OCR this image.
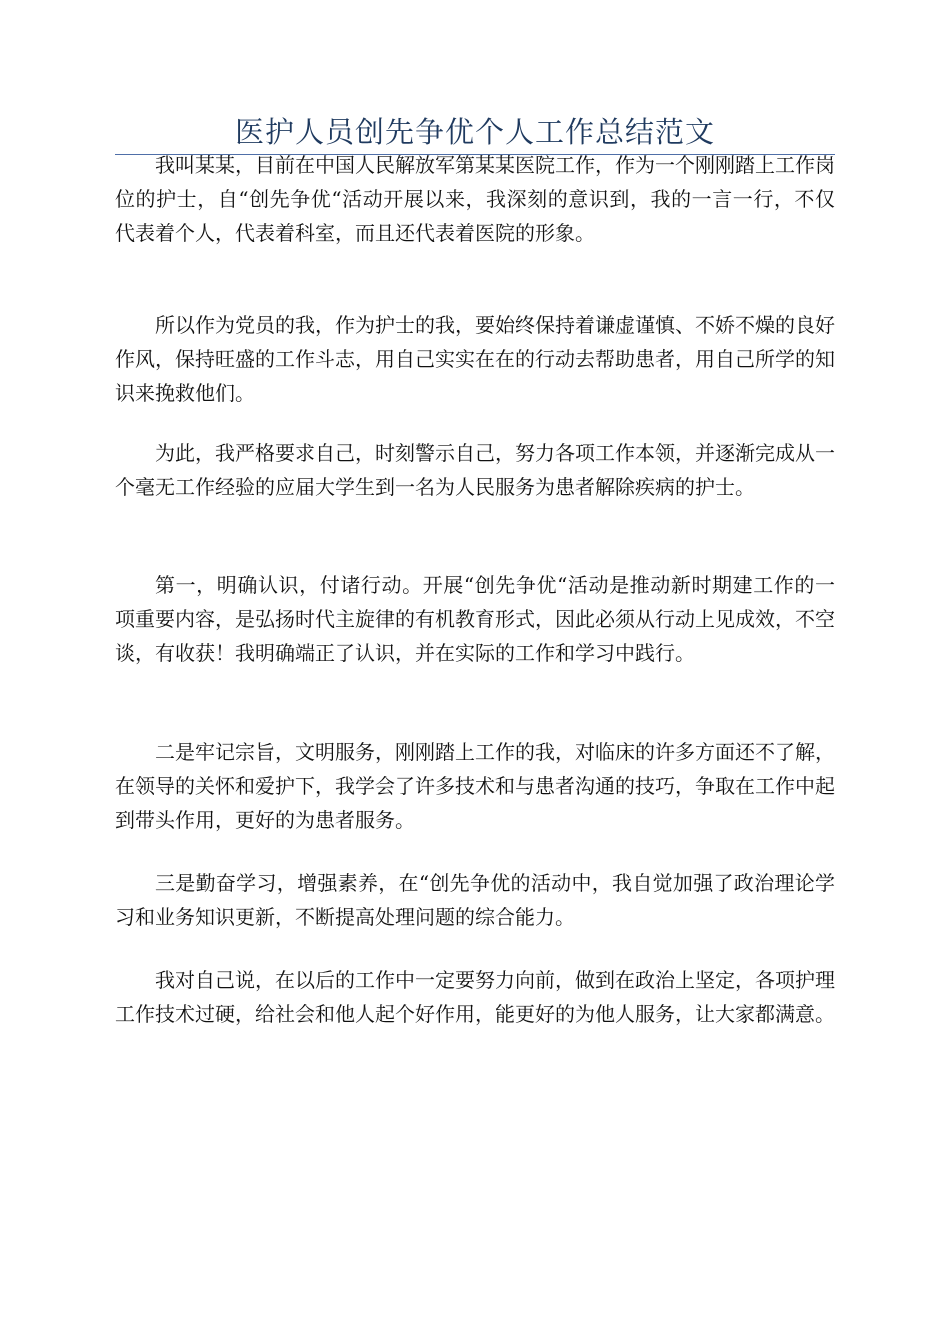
医护人员创先争优个人工作总结范文

我叫某某，目前在中国人民解放军第某某医院工作，作为一个刚刚踏上工作岗位的护士，自“创先争优“活动开展以来，我深刻的意识到，我的一言一行，不仅代表着个人，代表着科室，而且还代表着医院的形象。

所以作为党员的我，作为护士的我，要始终保持着谦虚谨慎、不娇不燥的良好作风，保持旺盛的工作斗志，用自己实实在在的行动去帮助患者，用自己所学的知识来挽救他们。

为此，我严格要求自己，时刻警示自己，努力各项工作本领，并逐渐完成从一个毫无工作经验的应届大学生到一名为人民服务为患者解除疾病的护士。

第一，明确认识，付诸行动。开展“创先争优“活动是推动新时期建工作的一项重要内容，是弘扬时代主旋律的有机教育形式，因此必须从行动上见成效，不空谈，有收获！我明确端正了认识，并在实际的工作和学习中践行。

二是牢记宗旨，文明服务，刚刚踏上工作的我，对临床的许多方面还不了解，在领导的关怀和爱护下，我学会了许多技术和与患者沟通的技巧，争取在工作中起到带头作用，更好的为患者服务。

三是勤奋学习，增强素养，在“创先争优的活动中，我自觉加强了政治理论学习和业务知识更新，不断提高处理问题的综合能力。

我对自己说，在以后的工作中一定要努力向前，做到在政治上坚定，各项护理工作技术过硬，给社会和他人起个好作用，能更好的为他人服务，让大家都满意。
